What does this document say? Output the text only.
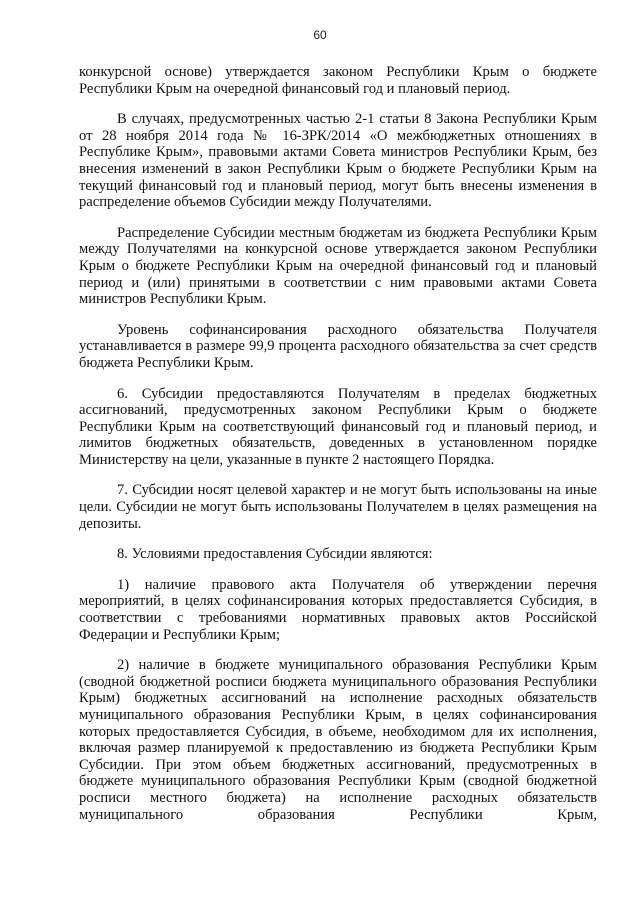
60

конкурсной основе) утверждается законом Республики Крым о бюджете Республики Крым на очередной финансовый год и плановый период.

В случаях, предусмотренных частью 2-1 статьи 8 Закона Республики Крым от 28 ноября 2014 года № 16-ЗРК/2014 «О межбюджетных отношениях в Республике Крым», правовыми актами Совета министров Республики Крым, без внесения изменений в закон Республики Крым о бюджете Республики Крым на текущий финансовый год и плановый период, могут быть внесены изменения в распределение объемов Субсидии между Получателями.

Распределение Субсидии местным бюджетам из бюджета Республики Крым между Получателями на конкурсной основе утверждается законом Республики Крым о бюджете Республики Крым на очередной финансовый год и плановый период и (или) принятыми в соответствии с ним правовыми актами Совета министров Республики Крым.

Уровень софинансирования расходного обязательства Получателя устанавливается в размере 99,9 процента расходного обязательства за счет средств бюджета Республики Крым.

6. Субсидии предоставляются Получателям в пределах бюджетных ассигнований, предусмотренных законом Республики Крым о бюджете Республики Крым на соответствующий финансовый год и плановый период, и лимитов бюджетных обязательств, доведенных в установленном порядке Министерству на цели, указанные в пункте 2 настоящего Порядка.

7. Субсидии носят целевой характер и не могут быть использованы на иные цели. Субсидии не могут быть использованы Получателем в целях размещения на депозиты.

8. Условиями предоставления Субсидии являются:

1) наличие правового акта Получателя об утверждении перечня мероприятий, в целях софинансирования которых предоставляется Субсидия, в соответствии с требованиями нормативных правовых актов Российской Федерации и Республики Крым;

2) наличие в бюджете муниципального образования Республики Крым (сводной бюджетной росписи бюджета муниципального образования Республики Крым) бюджетных ассигнований на исполнение расходных обязательств муниципального образования Республики Крым, в целях софинансирования которых предоставляется Субсидия, в объеме, необходимом для их исполнения, включая размер планируемой к предоставлению из бюджета Республики Крым Субсидии. При этом объем бюджетных ассигнований, предусмотренных в бюджете муниципального образования Республики Крым (сводной бюджетной росписи местного бюджета) на исполнение расходных обязательств муниципального образования Республики Крым,
